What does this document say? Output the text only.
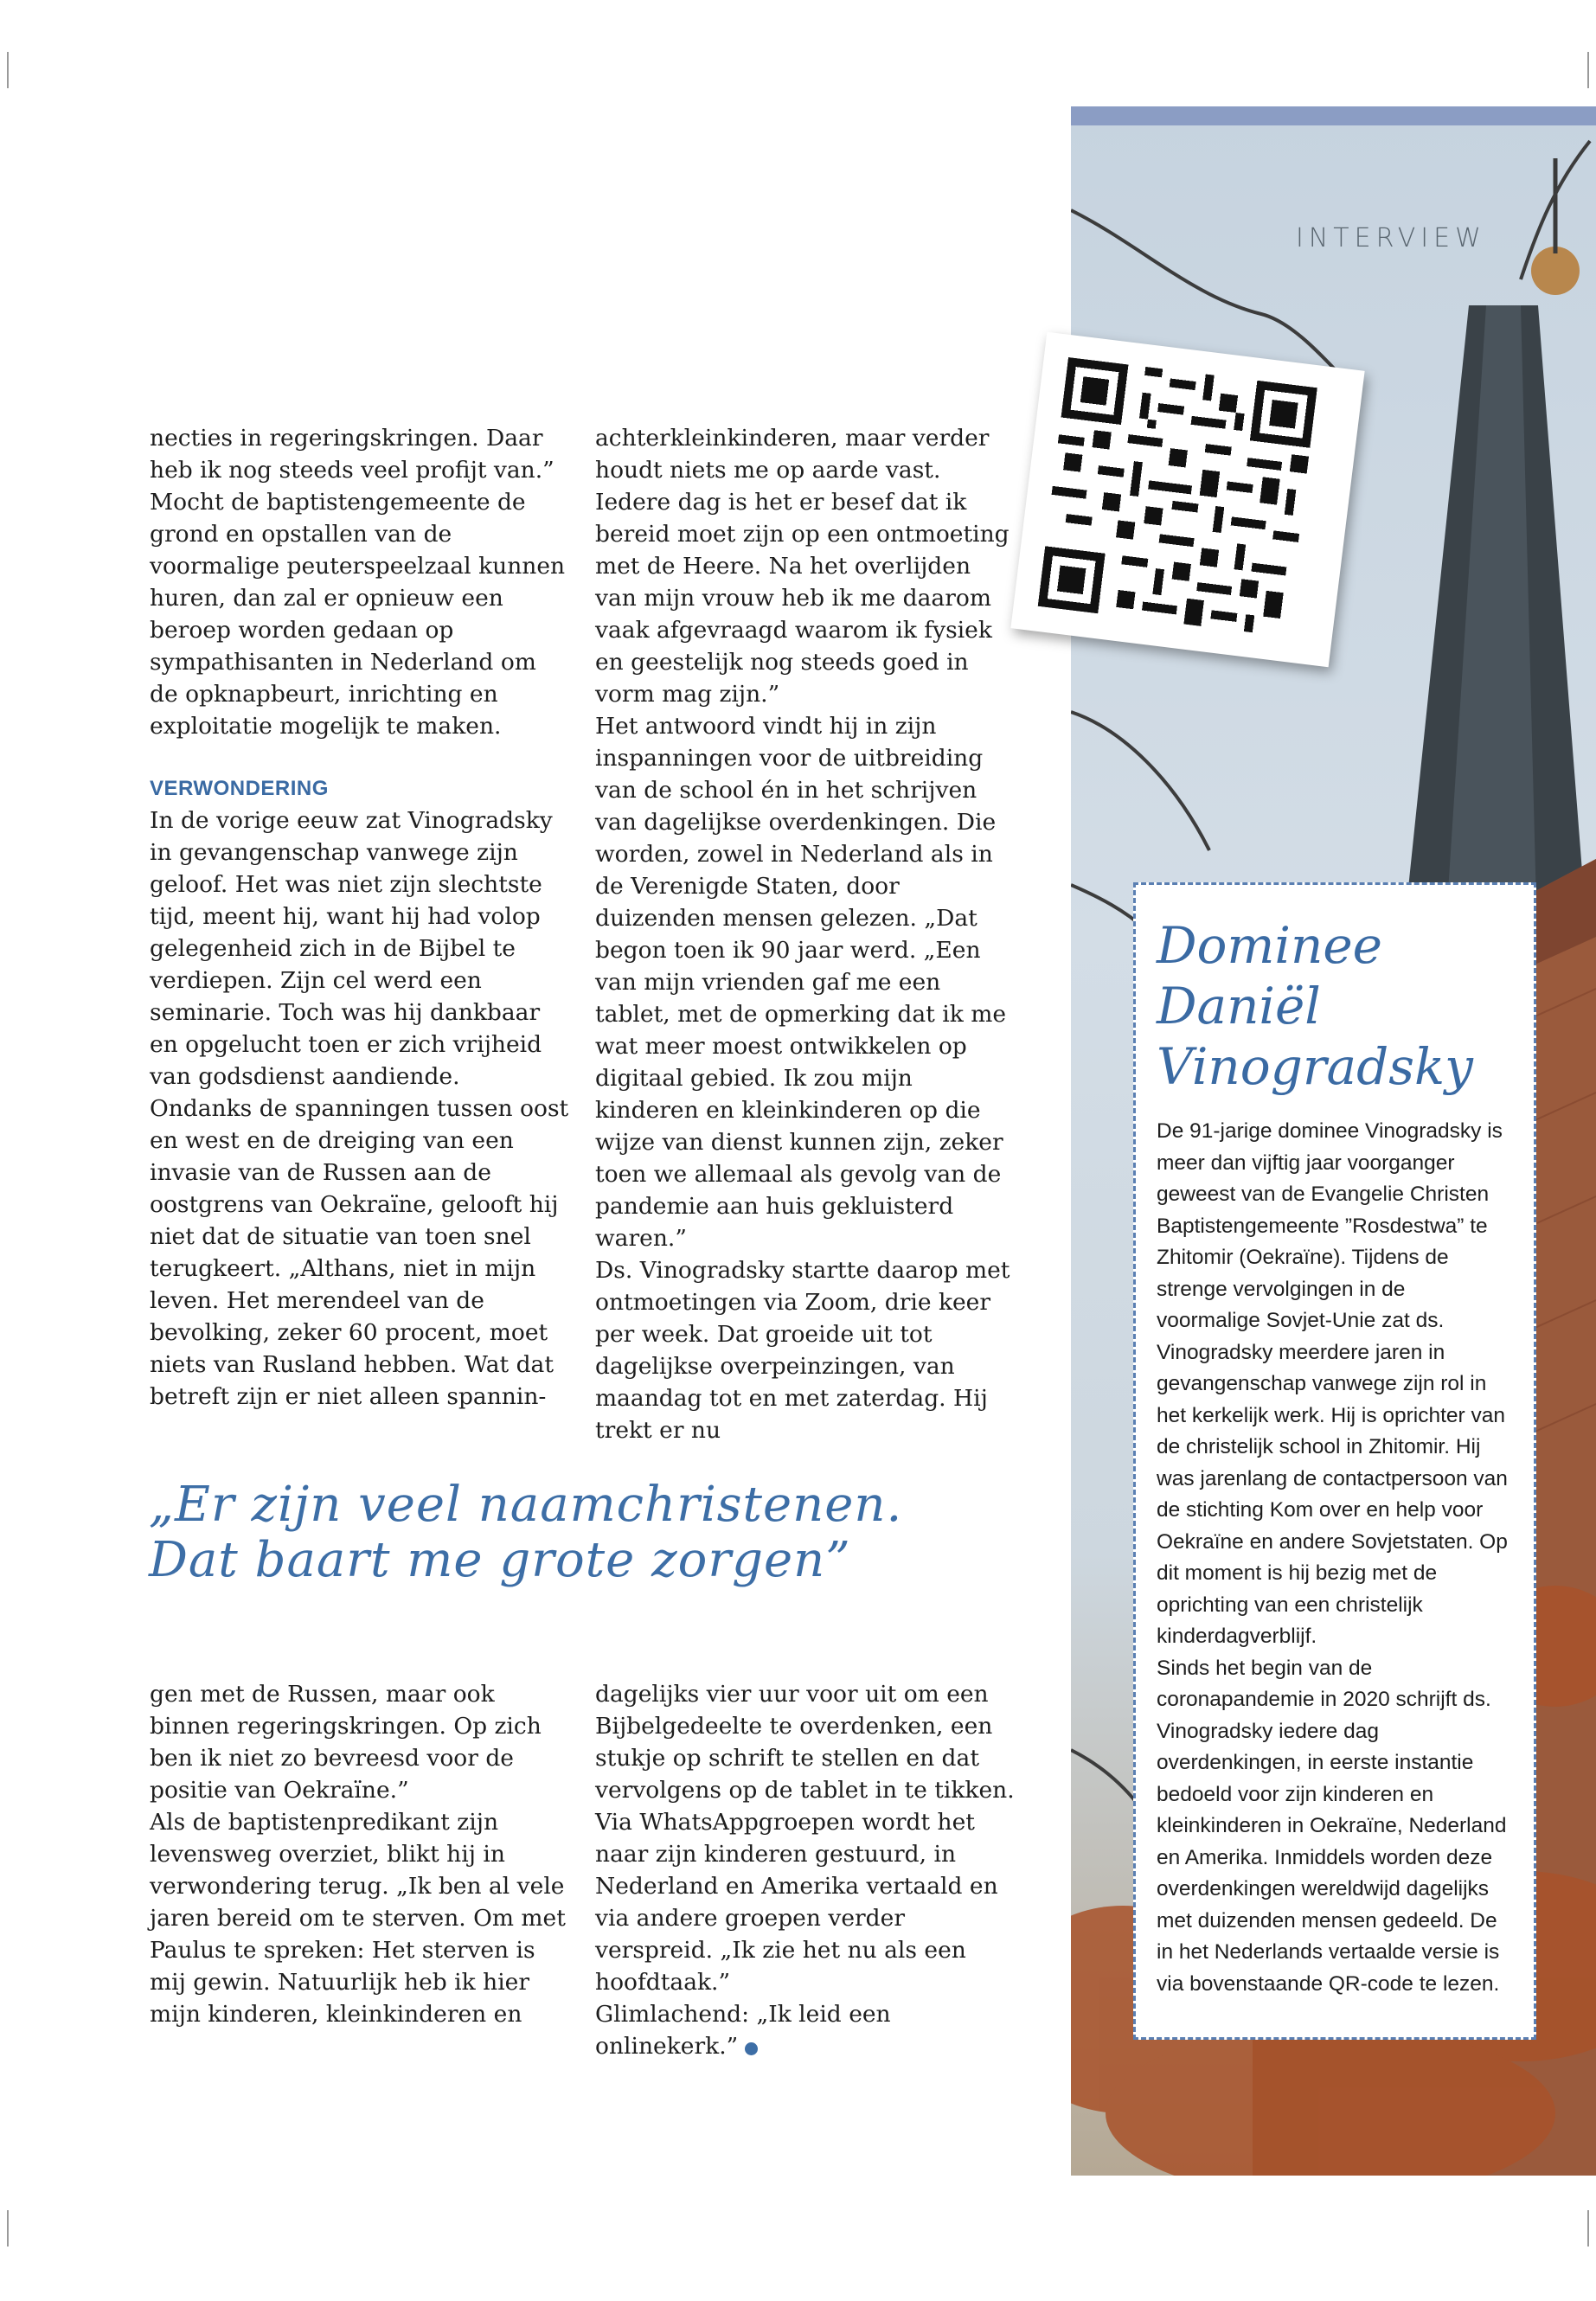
INTERVIEW

necties in regeringskringen. Daar heb ik nog steeds veel profijt van.”

Mocht de baptistengemeente de grond en opstallen van de voormalige peuterspeelzaal kunnen huren, dan zal er opnieuw een beroep worden gedaan op sympathisanten in Nederland om de opknapbeurt, inrichting en exploitatie mogelijk te maken.

VERWONDERING

In de vorige eeuw zat Vinogradsky in gevangenschap vanwege zijn geloof. Het was niet zijn slechtste tijd, meent hij, want hij had volop gelegenheid zich in de Bijbel te verdiepen. Zijn cel werd een seminarie. Toch was hij dankbaar en opgelucht toen er zich vrijheid van godsdienst aandiende. Ondanks de spanningen tussen oost en west en de dreiging van een invasie van de Russen aan de oostgrens van Oekraïne, gelooft hij niet dat de situatie van toen snel terugkeert. „Althans, niet in mijn leven. Het merendeel van de bevolking, zeker 60 procent, moet niets van Rusland hebben. Wat dat betreft zijn er niet alleen spannin-

achterkleinkinderen, maar verder houdt niets me op aarde vast. Iedere dag is het er besef dat ik bereid moet zijn op een ontmoeting met de Heere. Na het overlijden van mijn vrouw heb ik me daarom vaak afgevraagd waarom ik fysiek en geestelijk nog steeds goed in vorm mag zijn.”

Het antwoord vindt hij in zijn inspanningen voor de uitbreiding van de school én in het schrijven van dagelijkse overdenkingen. Die worden, zowel in Nederland als in de Verenigde Staten, door duizenden mensen gelezen. „Dat begon toen ik 90 jaar werd. „Een van mijn vrienden gaf me een tablet, met de opmerking dat ik me wat meer moest ontwikkelen op digitaal gebied. Ik zou mijn kinderen en kleinkinderen op die wijze van dienst kunnen zijn, zeker toen we allemaal als gevolg van de pandemie aan huis gekluisterd waren.”

Ds. Vinogradsky startte daarop met ontmoetingen via Zoom, drie keer per week. Dat groeide uit tot dagelijkse overpeinzingen, van maandag tot en met zaterdag. Hij trekt er nu

„Er zijn veel naamchristenen. Dat baart me grote zorgen”

gen met de Russen, maar ook binnen regeringskringen. Op zich ben ik niet zo bevreesd voor de positie van Oekraïne.”

Als de baptistenpredikant zijn levensweg overziet, blikt hij in verwondering terug. „Ik ben al vele jaren bereid om te sterven. Om met Paulus te spreken: Het sterven is mij gewin. Natuurlijk heb ik hier mijn kinderen, kleinkinderen en

dagelijks vier uur voor uit om een Bijbelgedeelte te overdenken, een stukje op schrift te stellen en dat vervolgens op de tablet in te tikken. Via WhatsAppgroepen wordt het naar zijn kinderen gestuurd, in Nederland en Amerika vertaald en via andere groepen verder verspreid. „Ik zie het nu als een hoofdtaak.”

Glimlachend: „Ik leid een onlinekerk.”

Dominee Daniël Vinogradsky

De 91-jarige dominee Vinogradsky is meer dan vijftig jaar voorganger geweest van de Evangelie Christen Baptistengemeente ”Rosdestwa” te Zhitomir (Oekraïne). Tijdens de strenge vervolgingen in de voormalige Sovjet-Unie zat ds. Vinogradsky meerdere jaren in gevangenschap vanwege zijn rol in het kerkelijk werk. Hij is oprichter van de christelijk school in Zhitomir. Hij was jarenlang de contactpersoon van de stichting Kom over en help voor Oekraïne en andere Sovjetstaten. Op dit moment is hij bezig met de oprichting van een christelijk kinderdagverblijf.

Sinds het begin van de coronapandemie in 2020 schrijft ds. Vinogradsky iedere dag overdenkingen, in eerste instantie bedoeld voor zijn kinderen en kleinkinderen in Oekraïne, Nederland en Amerika. Inmiddels worden deze overdenkingen wereldwijd dagelijks met duizenden mensen gedeeld. De in het Nederlands vertaalde versie is via bovenstaande QR-code te lezen.
